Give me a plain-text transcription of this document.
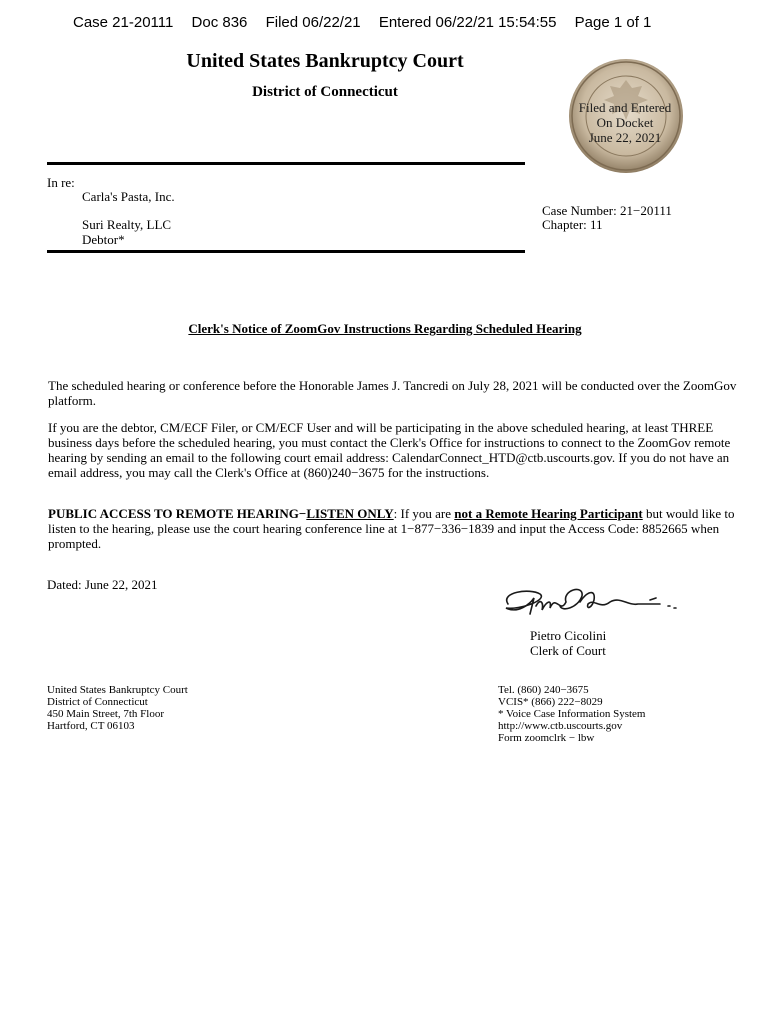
Case 21-20111 Doc 836 Filed 06/22/21 Entered 06/22/21 15:54:55 Page 1 of 1
United States Bankruptcy Court
District of Connecticut
Filed and Entered
On Docket
June 22, 2021
In re:
Carla's Pasta, Inc.
Suri Realty, LLC
Debtor*
Case Number: 21−20111
Chapter: 11
Clerk's Notice of ZoomGov Instructions Regarding Scheduled Hearing
The scheduled hearing or conference before the Honorable James J. Tancredi on July 28, 2021 will be conducted over the ZoomGov platform.
If you are the debtor, CM/ECF Filer, or CM/ECF User and will be participating in the above scheduled hearing, at least THREE business days before the scheduled hearing, you must contact the Clerk's Office for instructions to connect to the ZoomGov remote hearing by sending an email to the following court email address: CalendarConnect_HTD@ctb.uscourts.gov. If you do not have an email address, you may call the Clerk's Office at (860)240−3675 for the instructions.
PUBLIC ACCESS TO REMOTE HEARING−LISTEN ONLY: If you are not a Remote Hearing Participant but would like to listen to the hearing, please use the court hearing conference line at 1−877−336−1839 and input the Access Code: 8852665 when prompted.
Dated: June 22, 2021
Pietro Cicolini
Clerk of Court
United States Bankruptcy Court
District of Connecticut
450 Main Street, 7th Floor
Hartford, CT 06103
Tel. (860) 240−3675
VCIS* (866) 222−8029
* Voice Case Information System
http://www.ctb.uscourts.gov
Form zoomclrk − lbw
